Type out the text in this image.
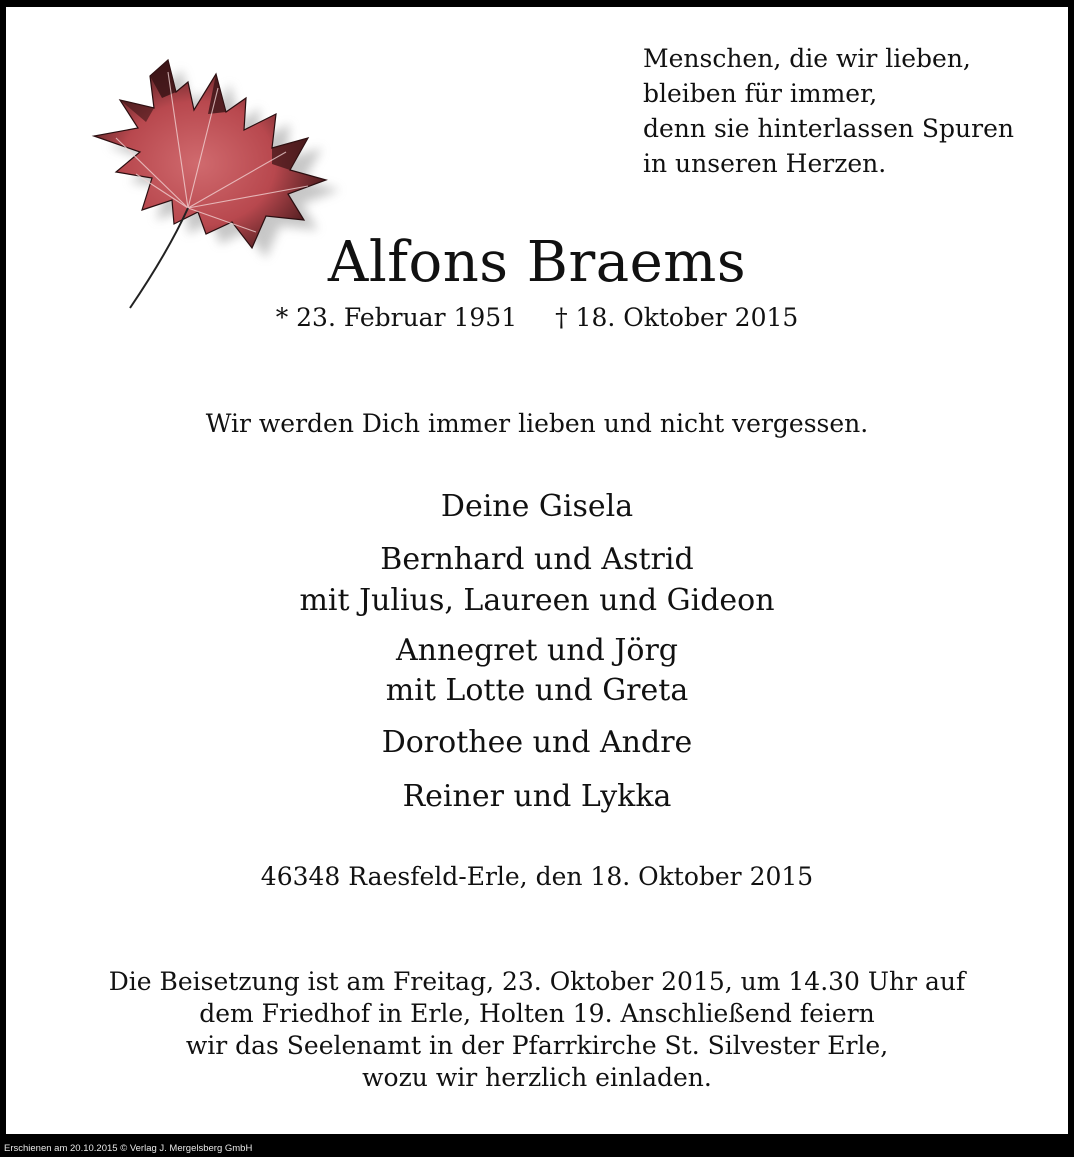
Menschen, die wir lieben,
bleiben für immer,
denn sie hinterlassen Spuren
in unseren Herzen.
Alfons Braems
* 23. Februar 1951 † 18. Oktober 2015
Wir werden Dich immer lieben und nicht vergessen.
Deine Gisela
Bernhard und Astrid
mit Julius, Laureen und Gideon
Annegret und Jörg
mit Lotte und Greta
Dorothee und Andre
Reiner und Lykka
46348 Raesfeld-Erle, den 18. Oktober 2015
Die Beisetzung ist am Freitag, 23. Oktober 2015, um 14.30 Uhr auf
dem Friedhof in Erle, Holten 19. Anschließend feiern
wir das Seelenamt in der Pfarrkirche St. Silvester Erle,
wozu wir herzlich einladen.
Erschienen am 20.10.2015 © Verlag J. Mergelsberg GmbH
